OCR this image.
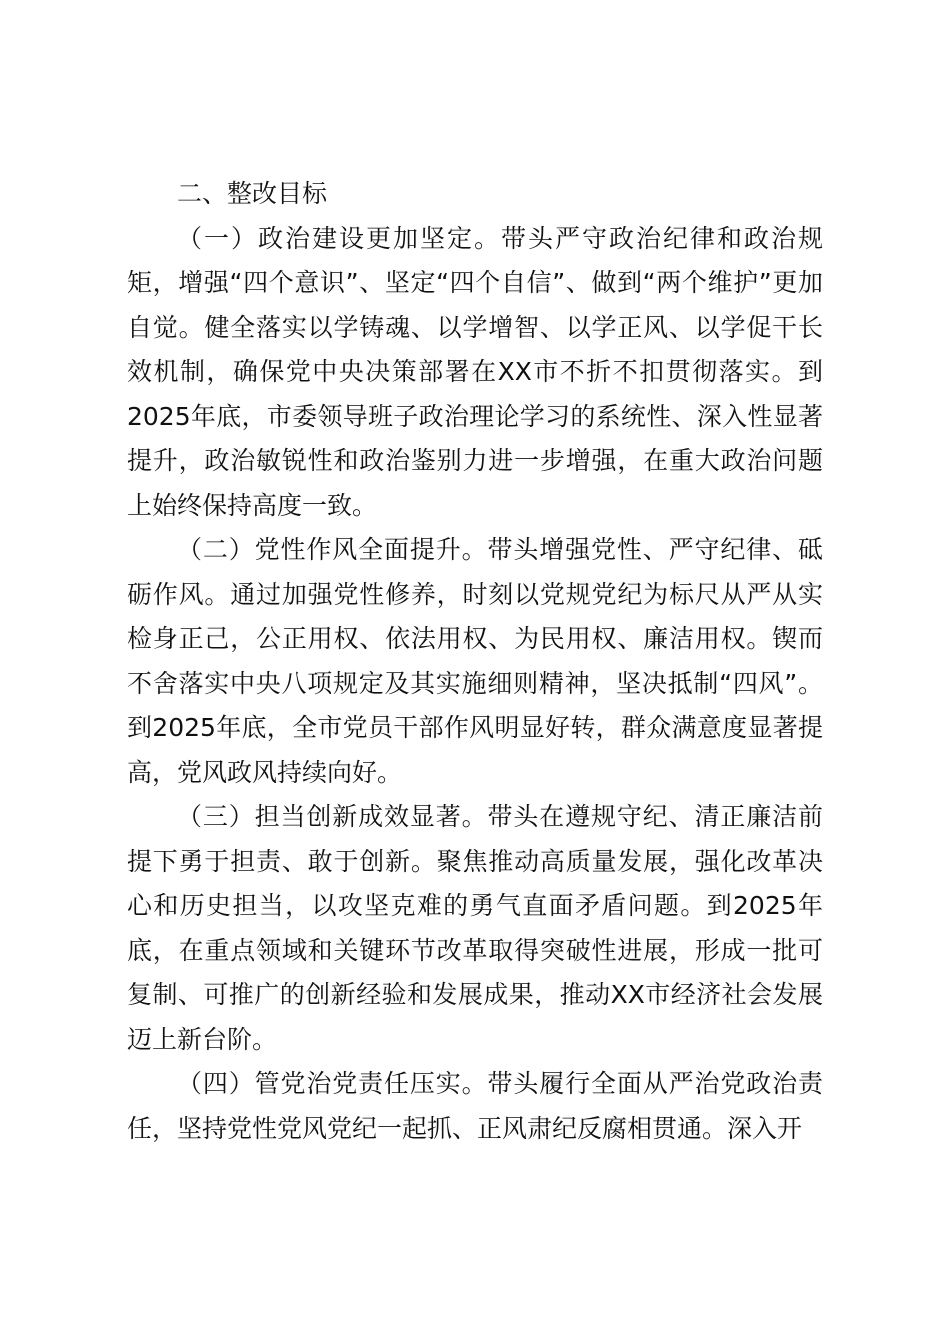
二、整改目标

（一）政治建设更加坚定。带头严守政治纪律和政治规矩，增强“四个意识”、坚定“四个自信”、做到“两个维护”更加自觉。健全落实以学铸魂、以学增智、以学正风、以学促干长效机制，确保党中央决策部署在XX市不折不扣贯彻落实。到2025年底，市委领导班子政治理论学习的系统性、深入性显著提升，政治敏锐性和政治鉴别力进一步增强，在重大政治问题上始终保持高度一致。

（二）党性作风全面提升。带头增强党性、严守纪律、砥砺作风。通过加强党性修养，时刻以党规党纪为标尺从严从实检身正己，公正用权、依法用权、为民用权、廉洁用权。锲而不舍落实中央八项规定及其实施细则精神，坚决抵制“四风”。到2025年底，全市党员干部作风明显好转，群众满意度显著提高，党风政风持续向好。

（三）担当创新成效显著。带头在遵规守纪、清正廉洁前提下勇于担责、敢于创新。聚焦推动高质量发展，强化改革决心和历史担当，以攻坚克难的勇气直面矛盾问题。到2025年底，在重点领域和关键环节改革取得突破性进展，形成一批可复制、可推广的创新经验和发展成果，推动XX市经济社会发展迈上新台阶。

（四）管党治党责任压实。带头履行全面从严治党政治责任，坚持党性党风党纪一起抓、正风肃纪反腐相贯通。深入开
